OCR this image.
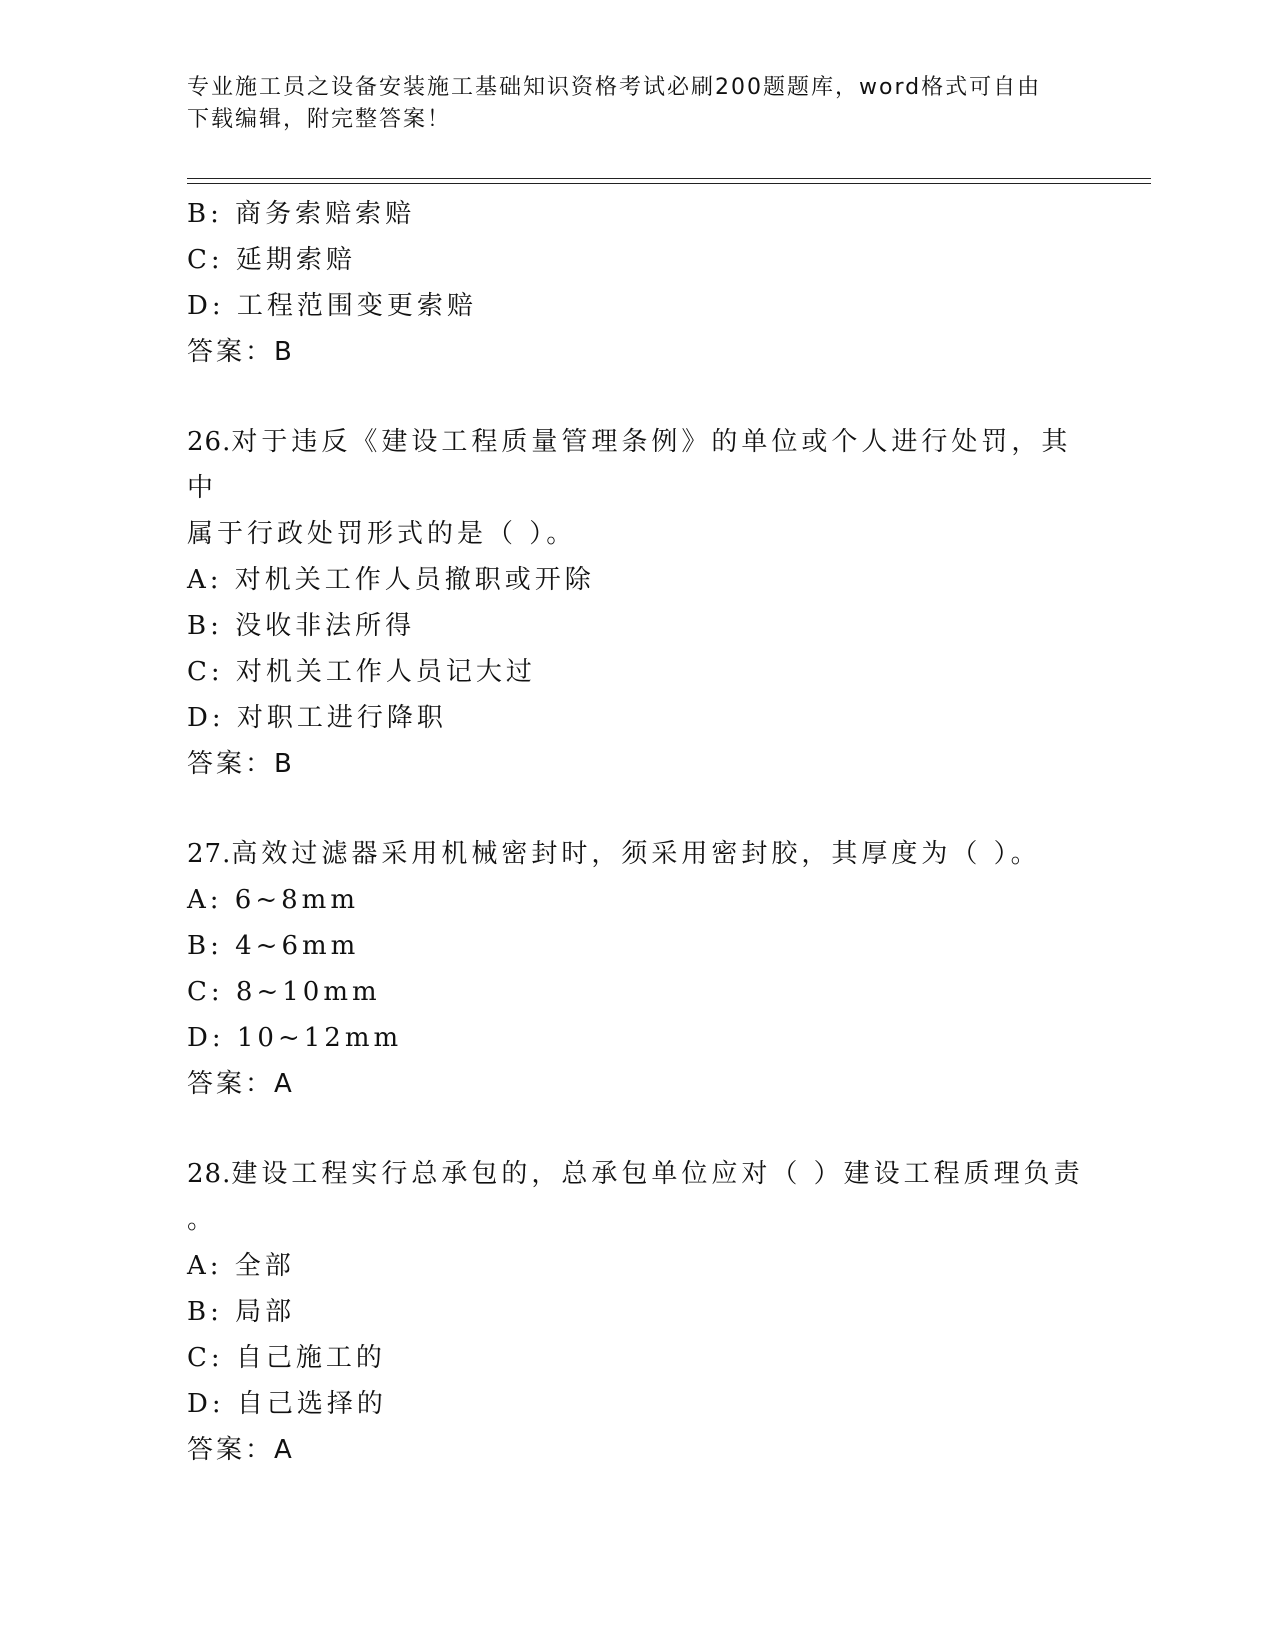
专业施工员之设备安装施工基础知识资格考试必刷200题题库，word格式可自由
下载编辑，附完整答案！
B: 商务索赔索赔
C: 延期索赔
D: 工程范围变更索赔
答案：B
26.对于违反《建设工程质量管理条例》的单位或个人进行处罚，其中
属于行政处罚形式的是（ ）。
A: 对机关工作人员撤职或开除
B: 没收非法所得
C: 对机关工作人员记大过
D: 对职工进行降职
答案：B
27.高效过滤器采用机械密封时，须采用密封胶，其厚度为（ ）。
A: 6~8mm
B: 4~6mm
C: 8~10mm
D: 10~12mm
答案：A
28.建设工程实行总承包的，总承包单位应对（ ）建设工程质理负责
。
A: 全部
B: 局部
C: 自己施工的
D: 自己选择的
答案：A
